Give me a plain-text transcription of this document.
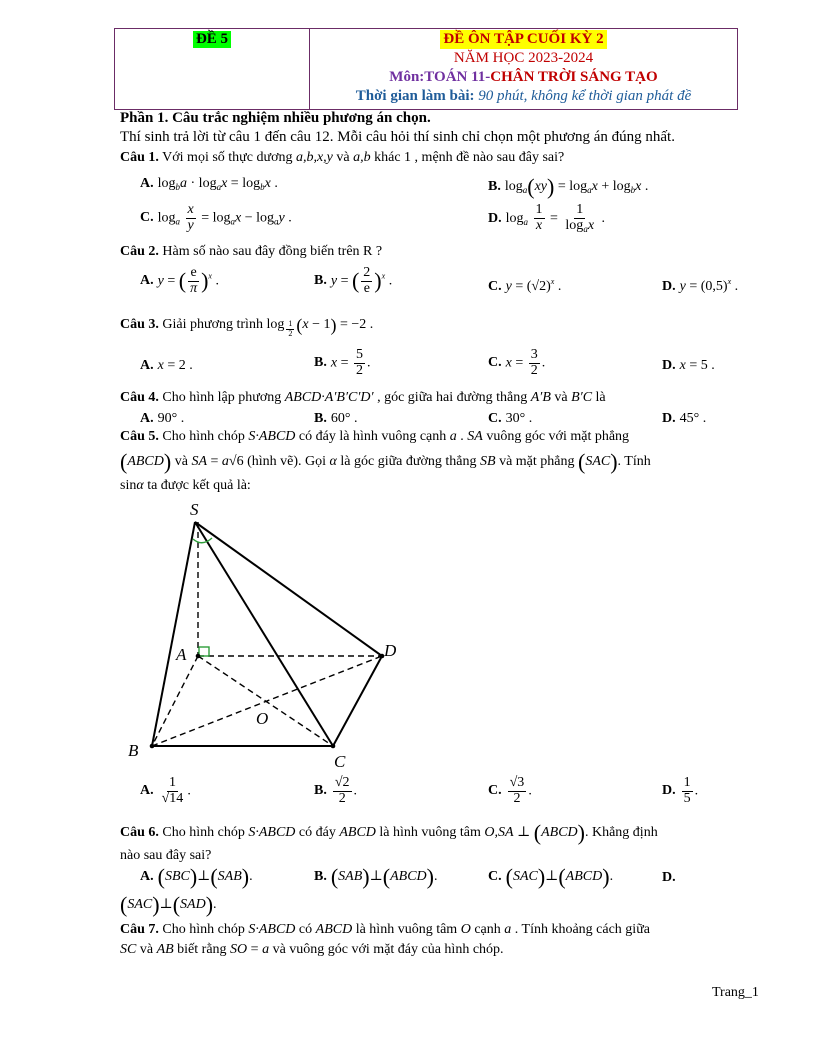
ĐỀ 5	ĐỀ ÔN TẬP CUỐI KỲ 2
NĂM HỌC 2023-2024
Môn:TOÁN 11-CHÂN TRỜI SÁNG TẠO
Thời gian làm bài: 90 phút, không kể thời gian phát đề
Phần 1. Câu trắc nghiệm nhiều phương án chọn.
Thí sinh trả lời từ câu 1 đến câu 12. Mỗi câu hỏi thí sinh chỉ chọn một phương án đúng nhất.
Câu 1. Với mọi số thực dương a,b,x,y và a,b khác 1 , mệnh đề nào sau đây sai?
A. $\log_ba \cdot \log_ax = \log_bx$ .	B. $\log_a(xy) = \log_ax + \log_bx$ .
C. $\log_a \frac{x}{y} = \log_ax - \log_ay$ .	D. $\log_a \frac{1}{x} = \frac{1}{\log_ax}$ .
Câu 2. Hàm số nào sau đây đồng biến trên R ?
A. y = ( $\frac{e}{\pi} )^x$ .	B. y = ( $\frac{2}{e} )^x$ .	C. $y = (√2)^x$ .	D. $y = (0,5)^x$ .
Câu 3. Giải phương trình log $_{\frac{1}{2}}$ (x − 1) = −2 .
A. x = 2 .	B. $x = \frac{5}{2}$ .	C. $x = \frac{3}{2}$ .	D. x = 5 .
Câu 4. Cho hình lập phương ABCD·A′B′C′D′ , góc giữa hai đường thẳng A′B và B′C là
A. 90° .	B. 60° .	C. 30° .	D. 45° .
Câu 5. Cho hình chóp S·ABCD có đáy là hình vuông cạnh a . SA vuông góc với mặt phẳng
(ABCD) và SA = a√6 (hình vẽ). Gọi α là góc giữa đường thẳng SB và mặt phẳng (SAC). Tính
sinα ta được kết quả là:
S
A
B
C
D
O
A. $\frac{1}{√14}$ .	B. $\frac{√2}{2}$ .	C. $\frac{√3}{2}$ .	D. $\frac{1}{5}$ .
Câu 6. Cho hình chóp S·ABCD có đáy ABCD là hình vuông tâm O,SA ⊥ (ABCD). Khẳng định
nào sau đây sai?
A. (SBC)⊥(SAB).	B. (SAB)⊥(ABCD).	C. (SAC)⊥(ABCD).	D.
(SAC)⊥(SAD).
Câu 7. Cho hình chóp S·ABCD có ABCD là hình vuông tâm O cạnh a . Tính khoảng cách giữa
SC và AB biết rằng SO = a và vuông góc với mặt đáy của hình chóp.
Trang_1
